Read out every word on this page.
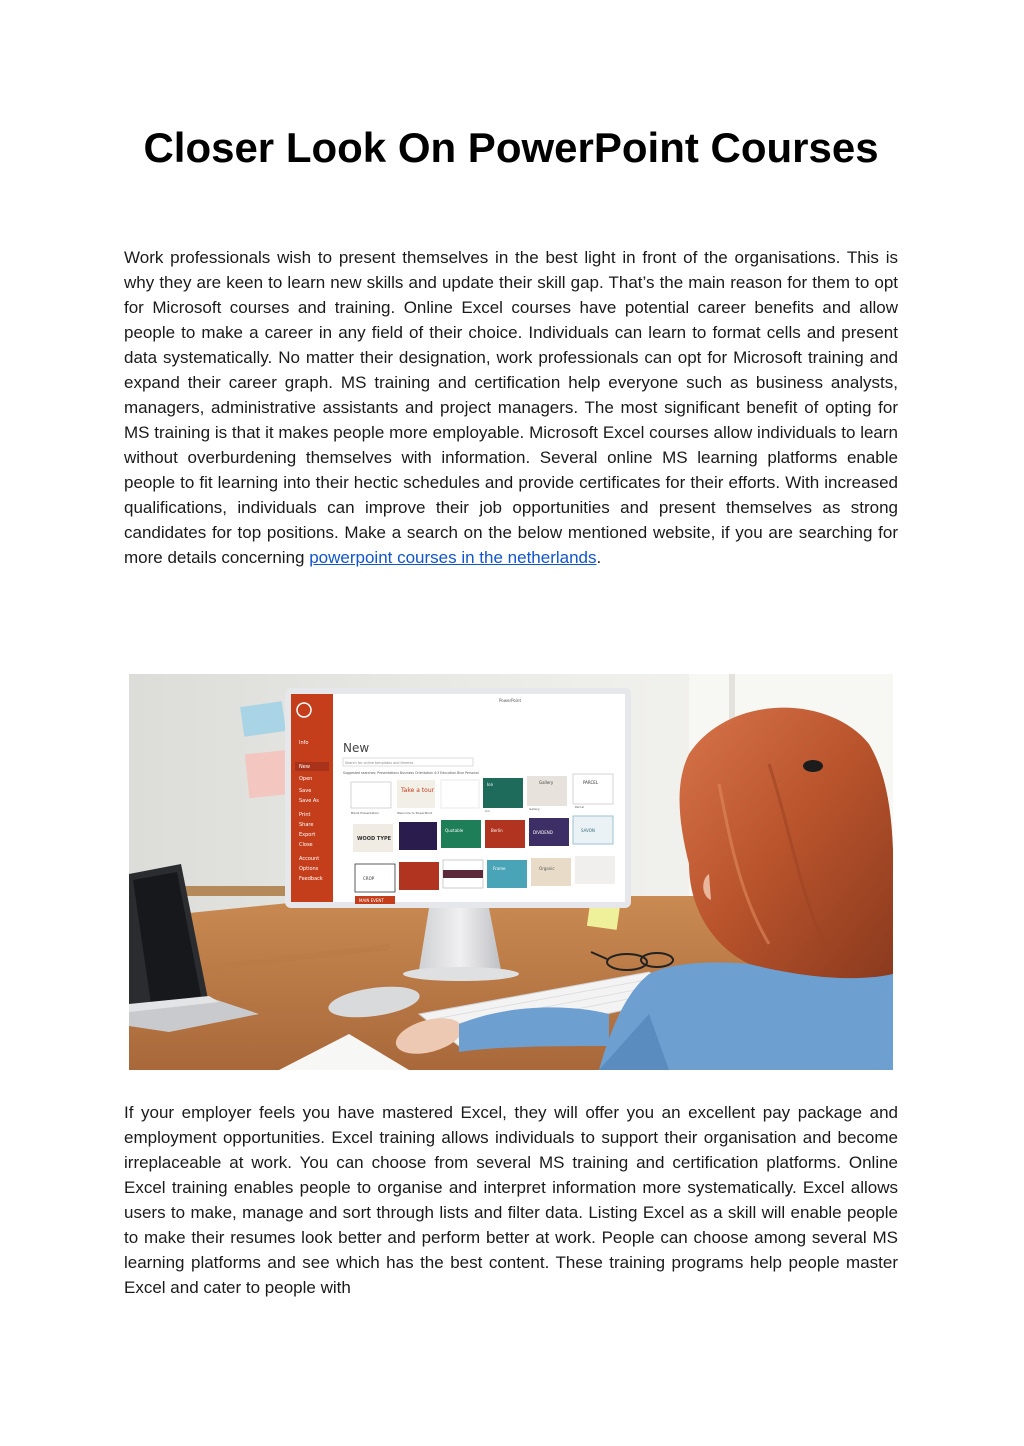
Closer Look On PowerPoint Courses

Work professionals wish to present themselves in the best light in front of the organisations. This is why they are keen to learn new skills and update their skill gap. That’s the main reason for them to opt for Microsoft courses and training. Online Excel courses have potential career benefits and allow people to make a career in any field of their choice. Individuals can learn to format cells and present data systematically. No matter their designation, work professionals can opt for Microsoft training and expand their career graph. MS training and certification help everyone such as business analysts, managers, administrative assistants and project managers. The most significant benefit of opting for MS training is that it makes people more employable. Microsoft Excel courses allow individuals to learn without overburdening themselves with information. Several online MS learning platforms enable people to fit learning into their hectic schedules and provide certificates for their efforts. With increased qualifications, individuals can improve their job opportunities and present themselves as strong candidates for top positions. Make a search on the below mentioned website, if you are searching for more details concerning powerpoint courses in the netherlands.

Info
New
Open
Save
Save As
Print
Share
Export
Close
Account
Options
Feedback
PowerPoint
New
Search for online templates and themes
Suggested searches: Presentations Business Orientation 4:3 Education Blue Personal
Take a tour
Ion	Gallery	PARCEL
Blank Presentation	Welcome to PowerPoint	Ion	Gallery	Parcel
WOOD TYPE
Quotable	Berlin	DIVIDEND	SAVON
CROP
Frame	Organic
MAIN EVENT

If your employer feels you have mastered Excel, they will offer you an excellent pay package and employment opportunities. Excel training allows individuals to support their organisation and become irreplaceable at work. You can choose from several MS training and certification platforms. Online Excel training enables people to organise and interpret information more systematically. Excel allows users to make, manage and sort through lists and filter data. Listing Excel as a skill will enable people to make their resumes look better and perform better at work. People can choose among several MS learning platforms and see which has the best content. These training programs help people master Excel and cater to people with
